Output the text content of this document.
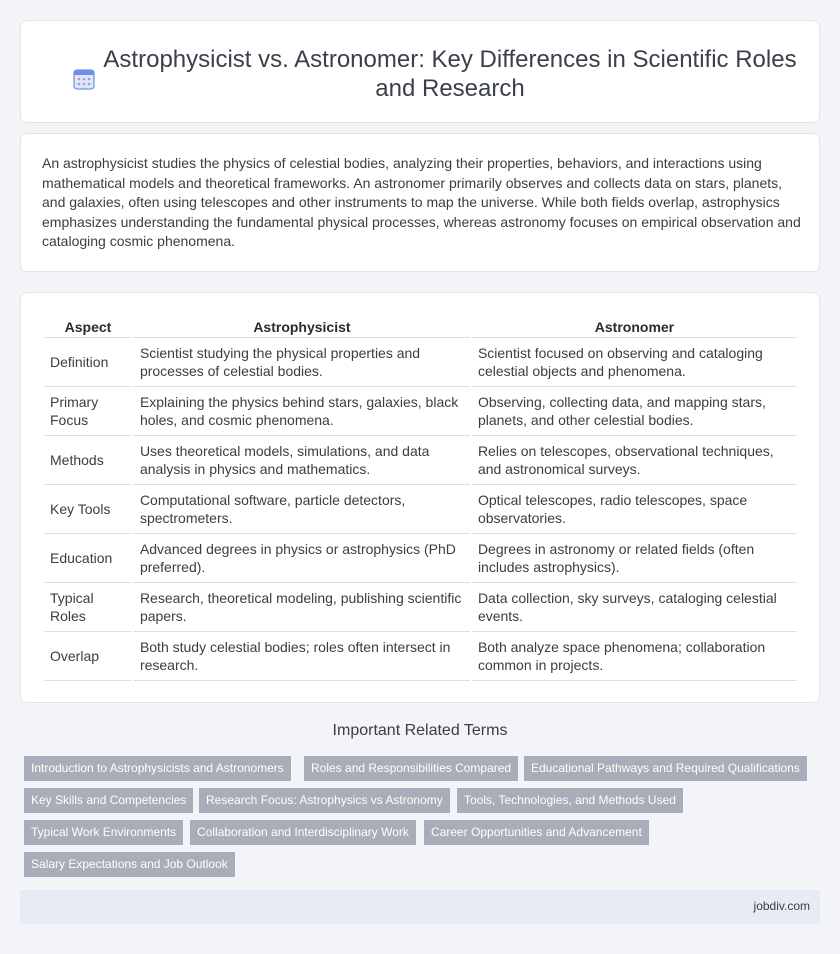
Astrophysicist vs. Astronomer: Key Differences in Scientific Roles and Research

An astrophysicist studies the physics of celestial bodies, analyzing their properties, behaviors, and interactions using mathematical models and theoretical frameworks. An astronomer primarily observes and collects data on stars, planets, and galaxies, often using telescopes and other instruments to map the universe. While both fields overlap, astrophysics emphasizes understanding the fundamental physical processes, whereas astronomy focuses on empirical observation and cataloging cosmic phenomena.

Aspect	Astrophysicist	Astronomer
Definition	Scientist studying the physical properties and processes of celestial bodies.	Scientist focused on observing and cataloging celestial objects and phenomena.
Primary Focus	Explaining the physics behind stars, galaxies, black holes, and cosmic phenomena.	Observing, collecting data, and mapping stars, planets, and other celestial bodies.
Methods	Uses theoretical models, simulations, and data analysis in physics and mathematics.	Relies on telescopes, observational techniques, and astronomical surveys.
Key Tools	Computational software, particle detectors, spectrometers.	Optical telescopes, radio telescopes, space observatories.
Education	Advanced degrees in physics or astrophysics (PhD preferred).	Degrees in astronomy or related fields (often includes astrophysics).
Typical Roles	Research, theoretical modeling, publishing scientific papers.	Data collection, sky surveys, cataloging celestial events.
Overlap	Both study celestial bodies; roles often intersect in research.	Both analyze space phenomena; collaboration common in projects.
Important Related Terms
Introduction to Astrophysicists and Astronomers	Roles and Responsibilities Compared	Educational Pathways and Required Qualifications
Key Skills and Competencies	Research Focus: Astrophysics vs Astronomy	Tools, Technologies, and Methods Used
Typical Work Environments	Collaboration and Interdisciplinary Work	Career Opportunities and Advancement
Salary Expectations and Job Outlook
jobdiv.com
